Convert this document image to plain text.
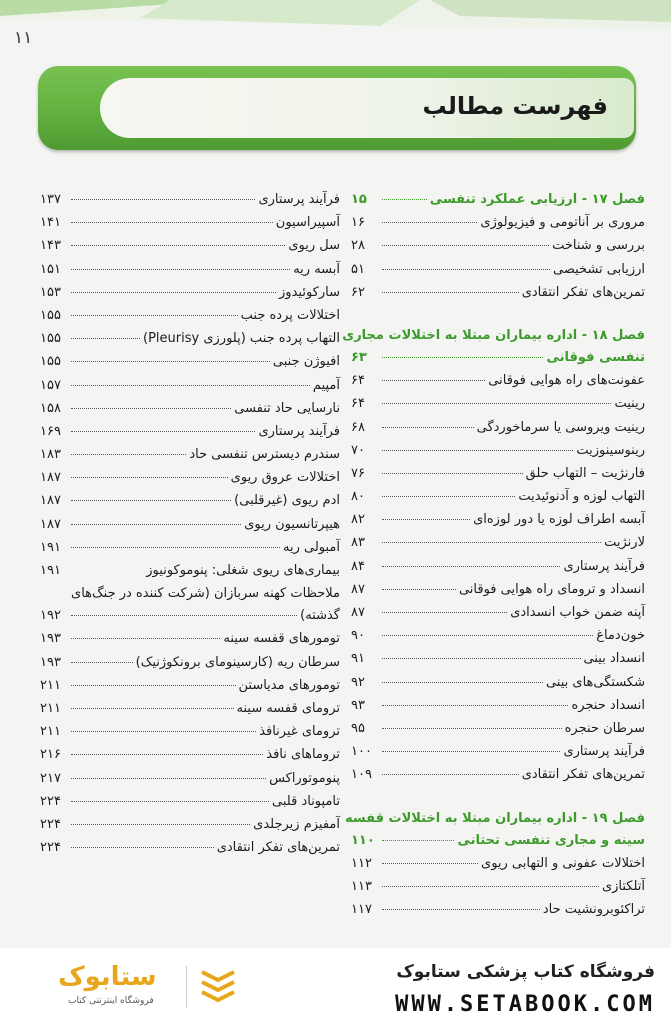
۱۱
فهرست مطالب
فصل ۱۷ - ارزیابی عملکرد تنفسی
۱۵
مروری بر آناتومی و فیزیولوژی
۱۶
بررسی و شناخت
۲۸
ارزیابی تشخیصی
۵۱
تمرین‌های تفکر انتقادی
۶۲
فصل ۱۸ - اداره بیماران مبتلا به اختلالات مجاری
تنفسی فوقانی
۶۳
عفونت‌های راه هوایی فوقانی
۶۴
رینیت
۶۴
رینیت ویروسی یا سرماخوردگی
۶۸
رینوسینوزیت
۷۰
فارنژیت – التهاب حلق
۷۶
التهاب لوزه و آدنوئیدیت
۸۰
آبسه اطراف لوزه یا دور لوزه‌ای
۸۲
لارنژیت
۸۳
فرآیند پرستاری
۸۴
انسداد و ترومای راه هوایی فوقانی
۸۷
آپنه ضمن خواب انسدادی
۸۷
خون‌دماغ
۹۰
انسداد بینی
۹۱
شکستگی‌های بینی
۹۲
انسداد حنجره
۹۳
سرطان حنجره
۹۵
فرآیند پرستاری
۱۰۰
تمرین‌های تفکر انتقادی
۱۰۹
فصل ۱۹ - اداره بیماران مبتلا به اختلالات قفسه
سینه و مجاری تنفسی تحتانی
۱۱۰
اختلالات عفونی و التهابی ریوی
۱۱۲
آتلکتازی
۱۱۳
تراکئوبرونشیت حاد
۱۱۷
فرآیند پرستاری
۱۳۷
آسپیراسیون
۱۴۱
سل ریوی
۱۴۳
آبسه ریه
۱۵۱
سارکوئیدوز
۱۵۳
اختلالات پرده جنب
۱۵۵
التهاب پرده جنب (پلورزی Pleurisy)
۱۵۵
افیوژن جنبی
۱۵۵
آمپیم
۱۵۷
نارسایی حاد تنفسی
۱۵۸
فرآیند پرستاری
۱۶۹
سندرم دیسترس تنفسی حاد
۱۸۳
اختلالات عروق ریوی
۱۸۷
ادم ریوی (غیرقلبی)
۱۸۷
هیپرتانسیون ریوی
۱۸۷
آمبولی ریه
۱۹۱
بیماری‌های ریوی شغلی: پنوموکونیوز
۱۹۱
ملاحظات کهنه سربازان (شرکت کننده در جنگ‌های
گذشته)
۱۹۲
تومورهای قفسه سینه
۱۹۳
سرطان ریه (کارسینومای برونکوژنیک)
۱۹۳
تومورهای مدیاستن
۲۱۱
ترومای قفسه سینه
۲۱۱
ترومای غیرنافذ
۲۱۱
تروماهای نافذ
۲۱۶
پنوموتوراکس
۲۱۷
تامپوناد قلبی
۲۲۴
آمفیزم زیرجلدی
۲۲۴
تمرین‌های تفکر انتقادی
۲۲۴
ستابوک
فروشگاه اینترنتی کتاب
فروشگاه کتاب پزشکی ستابوک
WWW.SETABOOK.COM
